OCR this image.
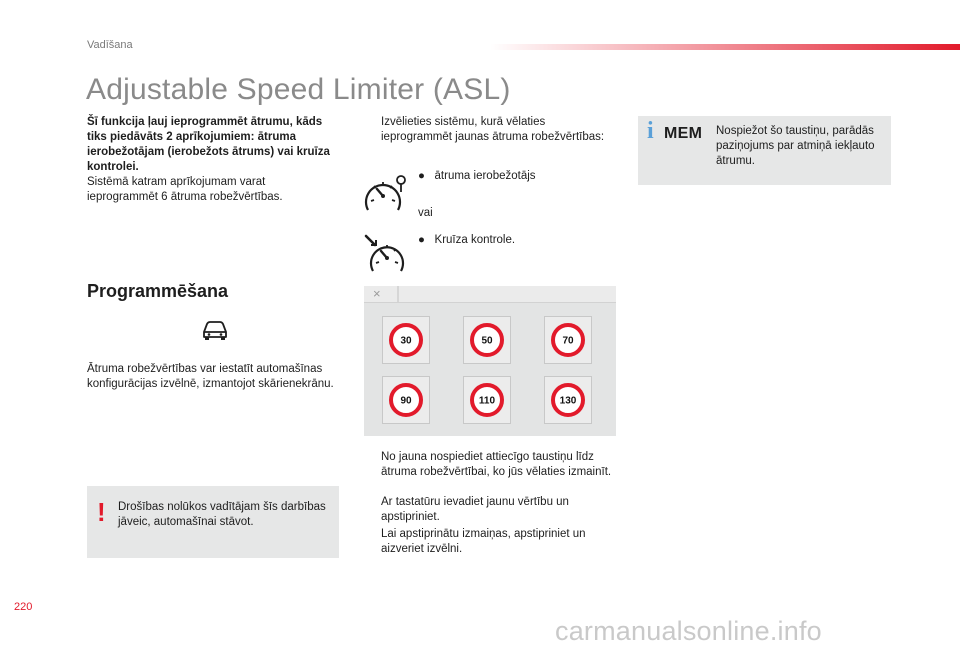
Vadīšana
Adjustable Speed Limiter (ASL)
Šī funkcija ļauj ieprogrammēt ātrumu, kāds tiks piedāvāts 2 aprīkojumiem: ātruma ierobežotājam (ierobežots ātrums) vai kruīza kontrolei.
Sistēmā katram aprīkojumam varat ieprogrammēt 6 ātruma robežvērtības.
Programmēšana
Ātruma robežvērtības var iestatīt automašīnas konfigurācijas izvēlnē, izmantojot skārienekrānu.
! Drošības nolūkos vadītājam šīs darbības jāveic, automašīnai stāvot.
Izvēlieties sistēmu, kurā vēlaties ieprogrammēt jaunas ātruma robežvērtības:
●   ātruma ierobežotājs
vai
●   Kruīza kontrole.
×
30	50	70
90	110	130
No jauna nospiediet attiecīgo taustiņu līdz ātruma robežvērtībai, ko jūs vēlaties izmainīt.
Ar tastatūru ievadiet jaunu vērtību un apstipriniet.
Lai apstiprinātu izmaiņas, apstipriniet un aizveriet izvēlni.
i MEM Nospiežot šo taustiņu, parādās paziņojums par atmiņā iekļauto ātrumu.
220
carmanualsonline.info
